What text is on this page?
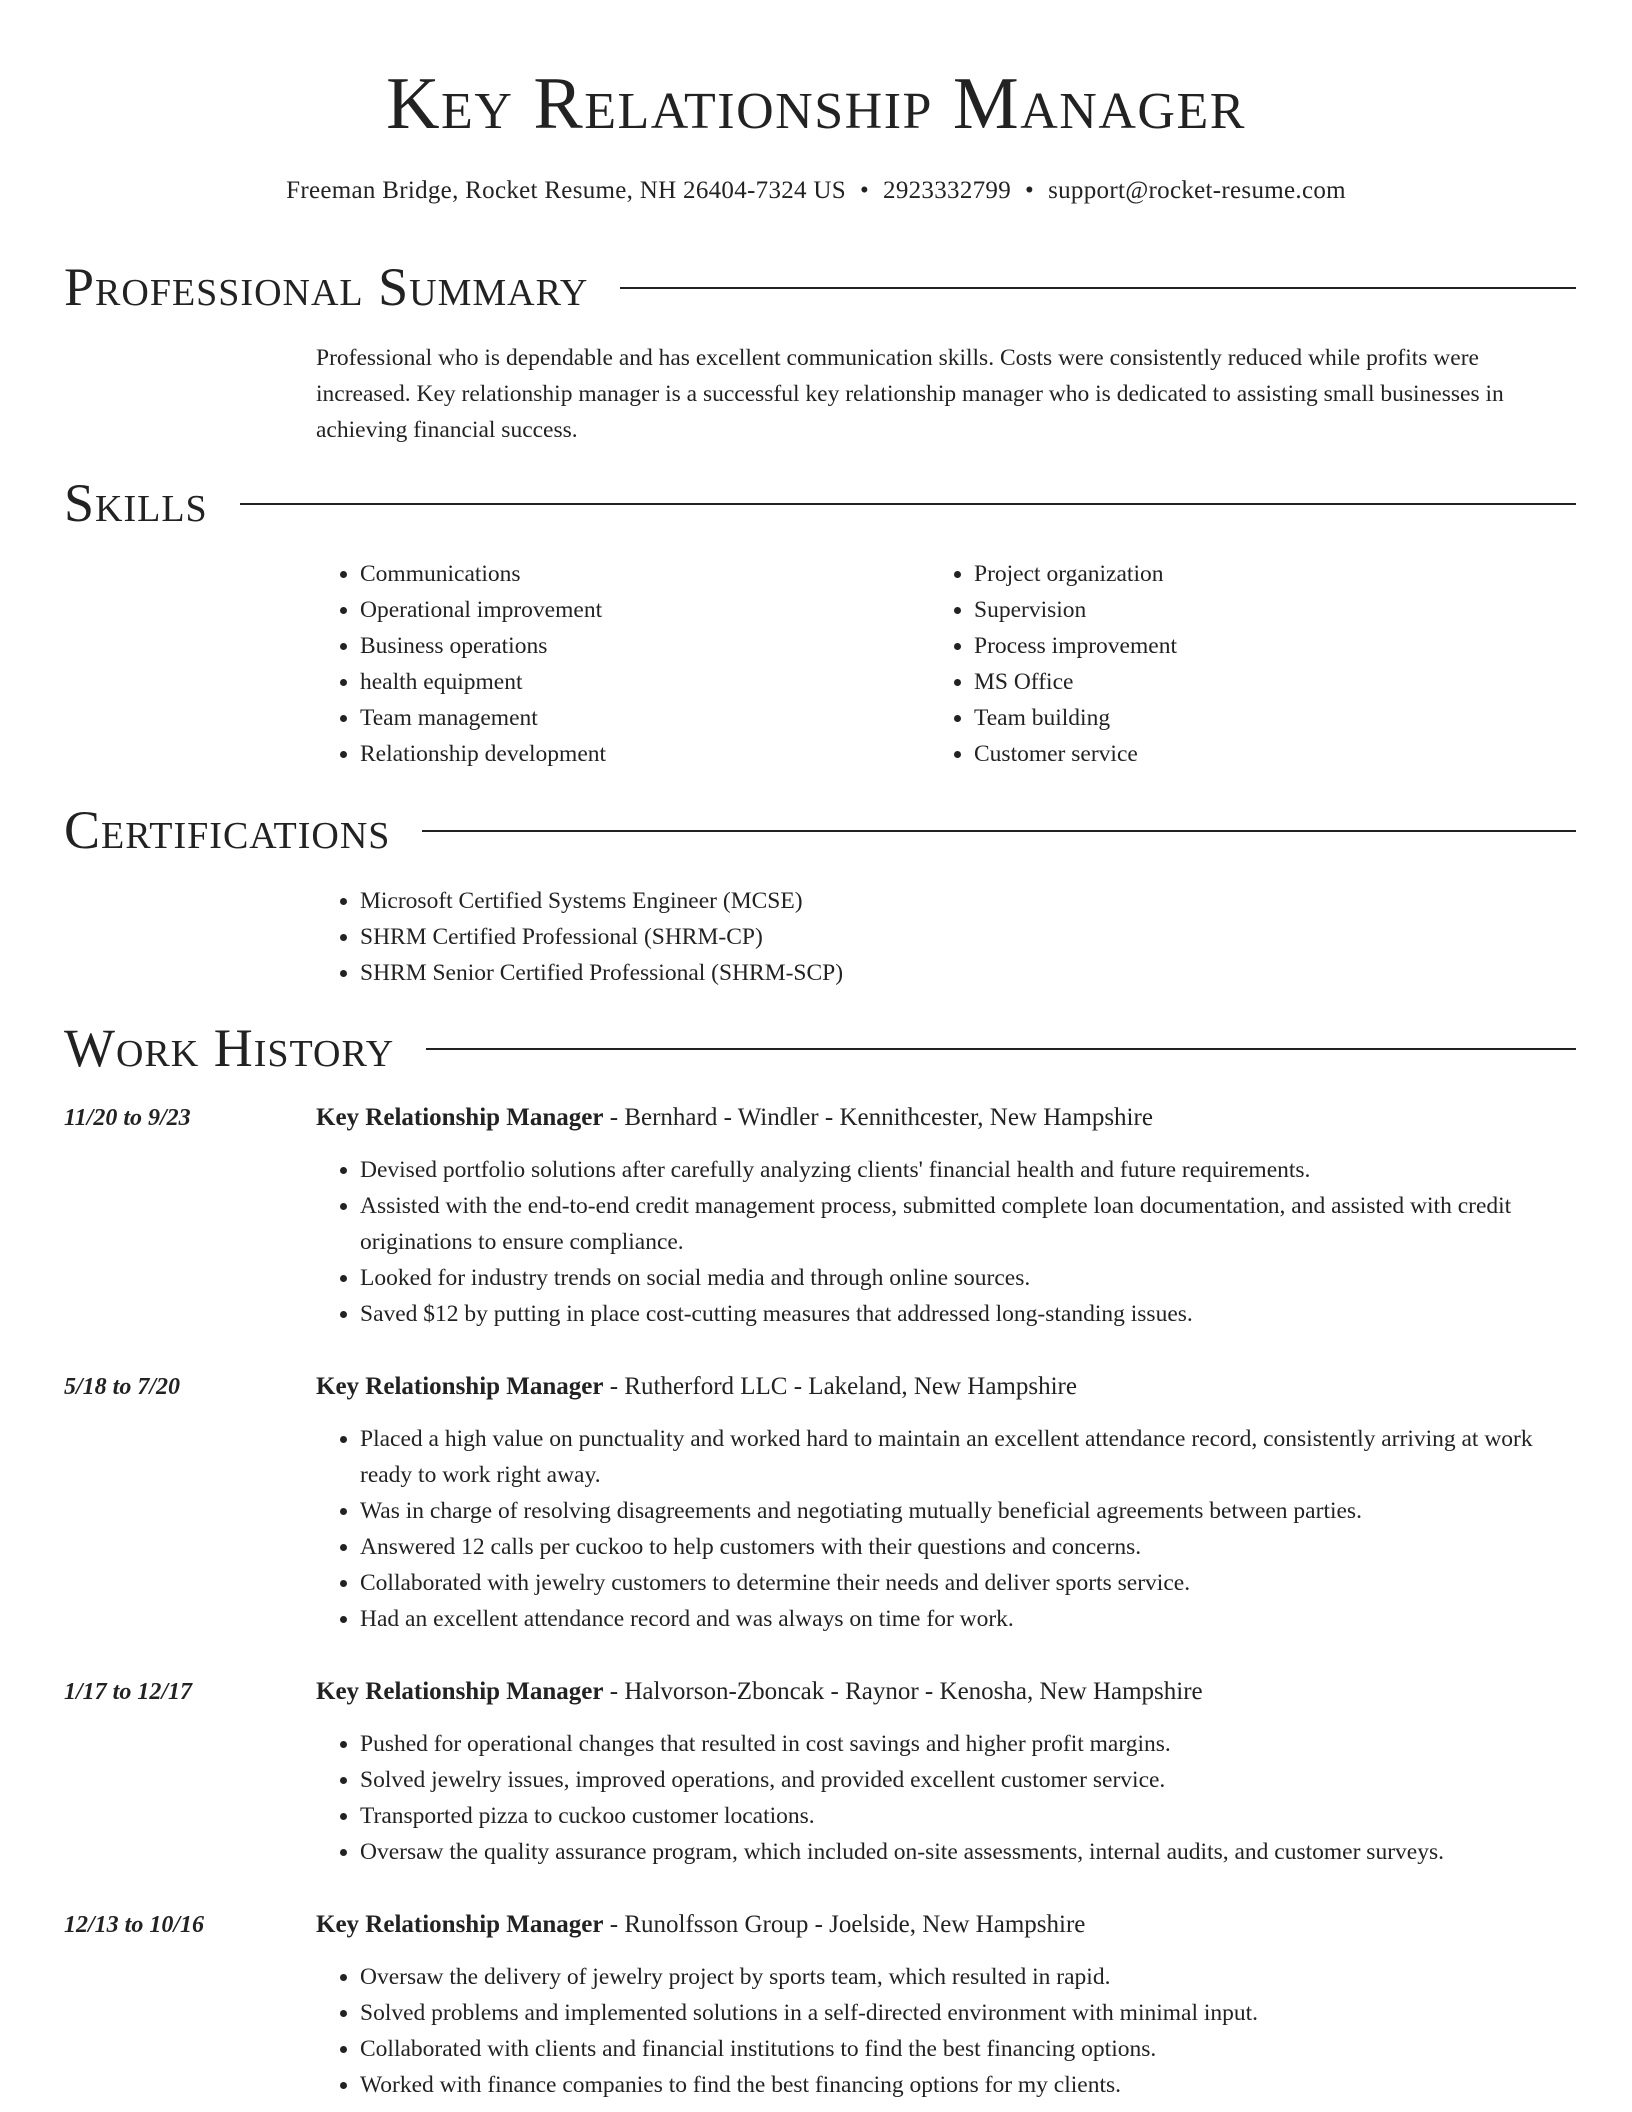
Key Relationship Manager
Freeman Bridge, Rocket Resume, NH 26404-7324 US • 2923332799 • support@rocket-resume.com
Professional Summary

Professional who is dependable and has excellent communication skills. Costs were consistently reduced while profits were increased. Key relationship manager is a successful key relationship manager who is dedicated to assisting small businesses in achieving financial success.

Skills
• Communications
• Operational improvement
• Business operations
• health equipment
• Team management
• Relationship development
• Project organization
• Supervision
• Process improvement
• MS Office
• Team building
• Customer service
Certifications
• Microsoft Certified Systems Engineer (MCSE)
• SHRM Certified Professional (SHRM-CP)
• SHRM Senior Certified Professional (SHRM-SCP)
Work History
11/20 to 9/23	Key Relationship Manager - Bernhard - Windler - Kennithcester, New Hampshire
• Devised portfolio solutions after carefully analyzing clients' financial health and future requirements.
• Assisted with the end-to-end credit management process, submitted complete loan documentation, and assisted with credit originations to ensure compliance.
• Looked for industry trends on social media and through online sources.
• Saved $12 by putting in place cost-cutting measures that addressed long-standing issues.
5/18 to 7/20	Key Relationship Manager - Rutherford LLC - Lakeland, New Hampshire
• Placed a high value on punctuality and worked hard to maintain an excellent attendance record, consistently arriving at work ready to work right away.
• Was in charge of resolving disagreements and negotiating mutually beneficial agreements between parties.
• Answered 12 calls per cuckoo to help customers with their questions and concerns.
• Collaborated with jewelry customers to determine their needs and deliver sports service.
• Had an excellent attendance record and was always on time for work.
1/17 to 12/17	Key Relationship Manager - Halvorson-Zboncak - Raynor - Kenosha, New Hampshire
• Pushed for operational changes that resulted in cost savings and higher profit margins.
• Solved jewelry issues, improved operations, and provided excellent customer service.
• Transported pizza to cuckoo customer locations.
• Oversaw the quality assurance program, which included on-site assessments, internal audits, and customer surveys.
12/13 to 10/16	Key Relationship Manager - Runolfsson Group - Joelside, New Hampshire
• Oversaw the delivery of jewelry project by sports team, which resulted in rapid.
• Solved problems and implemented solutions in a self-directed environment with minimal input.
• Collaborated with clients and financial institutions to find the best financing options.
• Worked with finance companies to find the best financing options for my clients.
